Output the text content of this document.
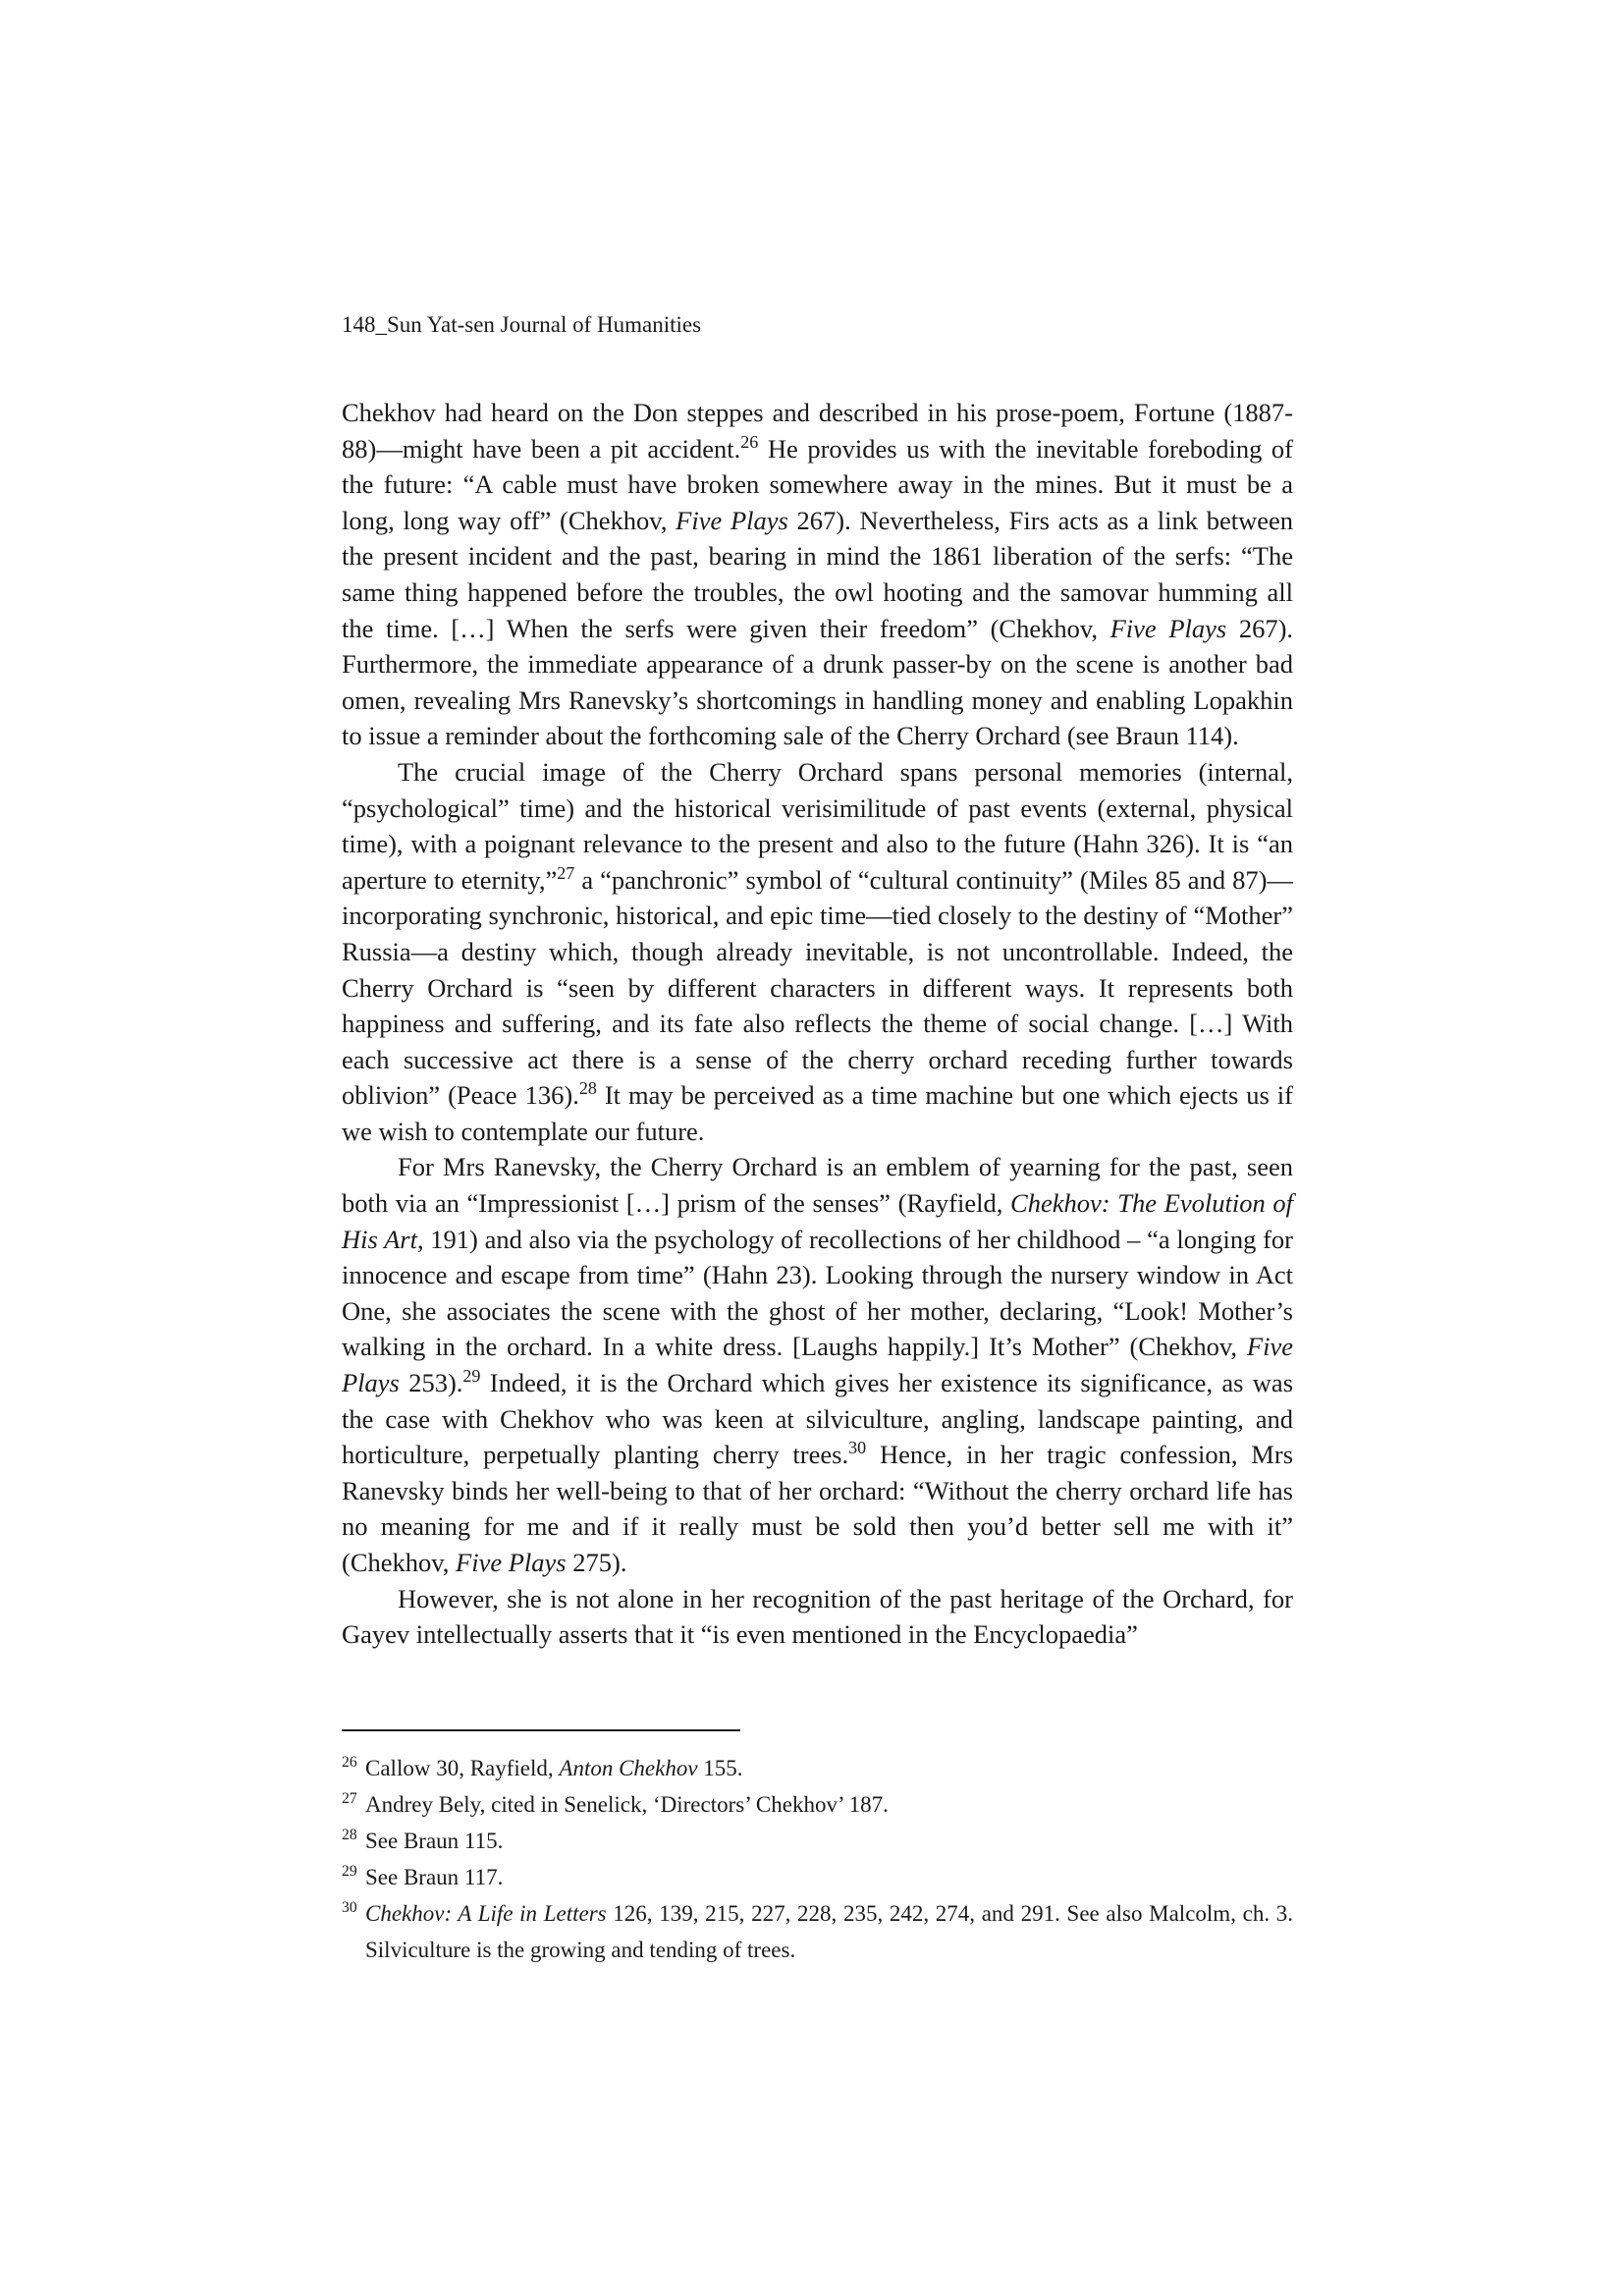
148_Sun Yat-sen Journal of Humanities

Chekhov had heard on the Don steppes and described in his prose-poem, Fortune (1887-88)—might have been a pit accident.$^{26}$ He provides us with the inevitable foreboding of the future: “A cable must have broken somewhere away in the mines. But it must be a long, long way off” (Chekhov, Five Plays 267). Nevertheless, Firs acts as a link between the present incident and the past, bearing in mind the 1861 liberation of the serfs: “The same thing happened before the troubles, the owl hooting and the samovar humming all the time. […] When the serfs were given their freedom” (Chekhov, Five Plays 267). Furthermore, the immediate appearance of a drunk passer-by on the scene is another bad omen, revealing Mrs Ranevsky’s shortcomings in handling money and enabling Lopakhin to issue a reminder about the forthcoming sale of the Cherry Orchard (see Braun 114).

The crucial image of the Cherry Orchard spans personal memories (internal, “psychological” time) and the historical verisimilitude of past events (external, physical time), with a poignant relevance to the present and also to the future (Hahn 326). It is “an aperture to eternity,”$^{27}$ a “panchronic” symbol of “cultural continuity” (Miles 85 and 87)—incorporating synchronic, historical, and epic time—tied closely to the destiny of “Mother” Russia—a destiny which, though already inevitable, is not uncontrollable. Indeed, the Cherry Orchard is “seen by different characters in different ways. It represents both happiness and suffering, and its fate also reflects the theme of social change. […] With each successive act there is a sense of the cherry orchard receding further towards oblivion” (Peace 136).$^{28}$ It may be perceived as a time machine but one which ejects us if we wish to contemplate our future.

For Mrs Ranevsky, the Cherry Orchard is an emblem of yearning for the past, seen both via an “Impressionist […] prism of the senses” (Rayfield, Chekhov: The Evolution of His Art, 191) and also via the psychology of recollections of her childhood – “a longing for innocence and escape from time” (Hahn 23). Looking through the nursery window in Act One, she associates the scene with the ghost of her mother, declaring, “Look! Mother’s walking in the orchard. In a white dress. [Laughs happily.] It’s Mother” (Chekhov, Five Plays 253).$^{29}$ Indeed, it is the Orchard which gives her existence its significance, as was the case with Chekhov who was keen at silviculture, angling, landscape painting, and horticulture, perpetually planting cherry trees.$^{30}$ Hence, in her tragic confession, Mrs Ranevsky binds her well-being to that of her orchard: “Without the cherry orchard life has no meaning for me and if it really must be sold then you’d better sell me with it” (Chekhov, Five Plays 275).

However, she is not alone in her recognition of the past heritage of the Orchard, for Gayev intellectually asserts that it “is even mentioned in the Encyclopaedia”

26 Callow 30, Rayfield, Anton Chekhov 155.
27 Andrey Bely, cited in Senelick, ‘Directors’ Chekhov’ 187.
28 See Braun 115.
29 See Braun 117.
30 Chekhov: A Life in Letters 126, 139, 215, 227, 228, 235, 242, 274, and 291. See also Malcolm, ch. 3. Silviculture is the growing and tending of trees.
